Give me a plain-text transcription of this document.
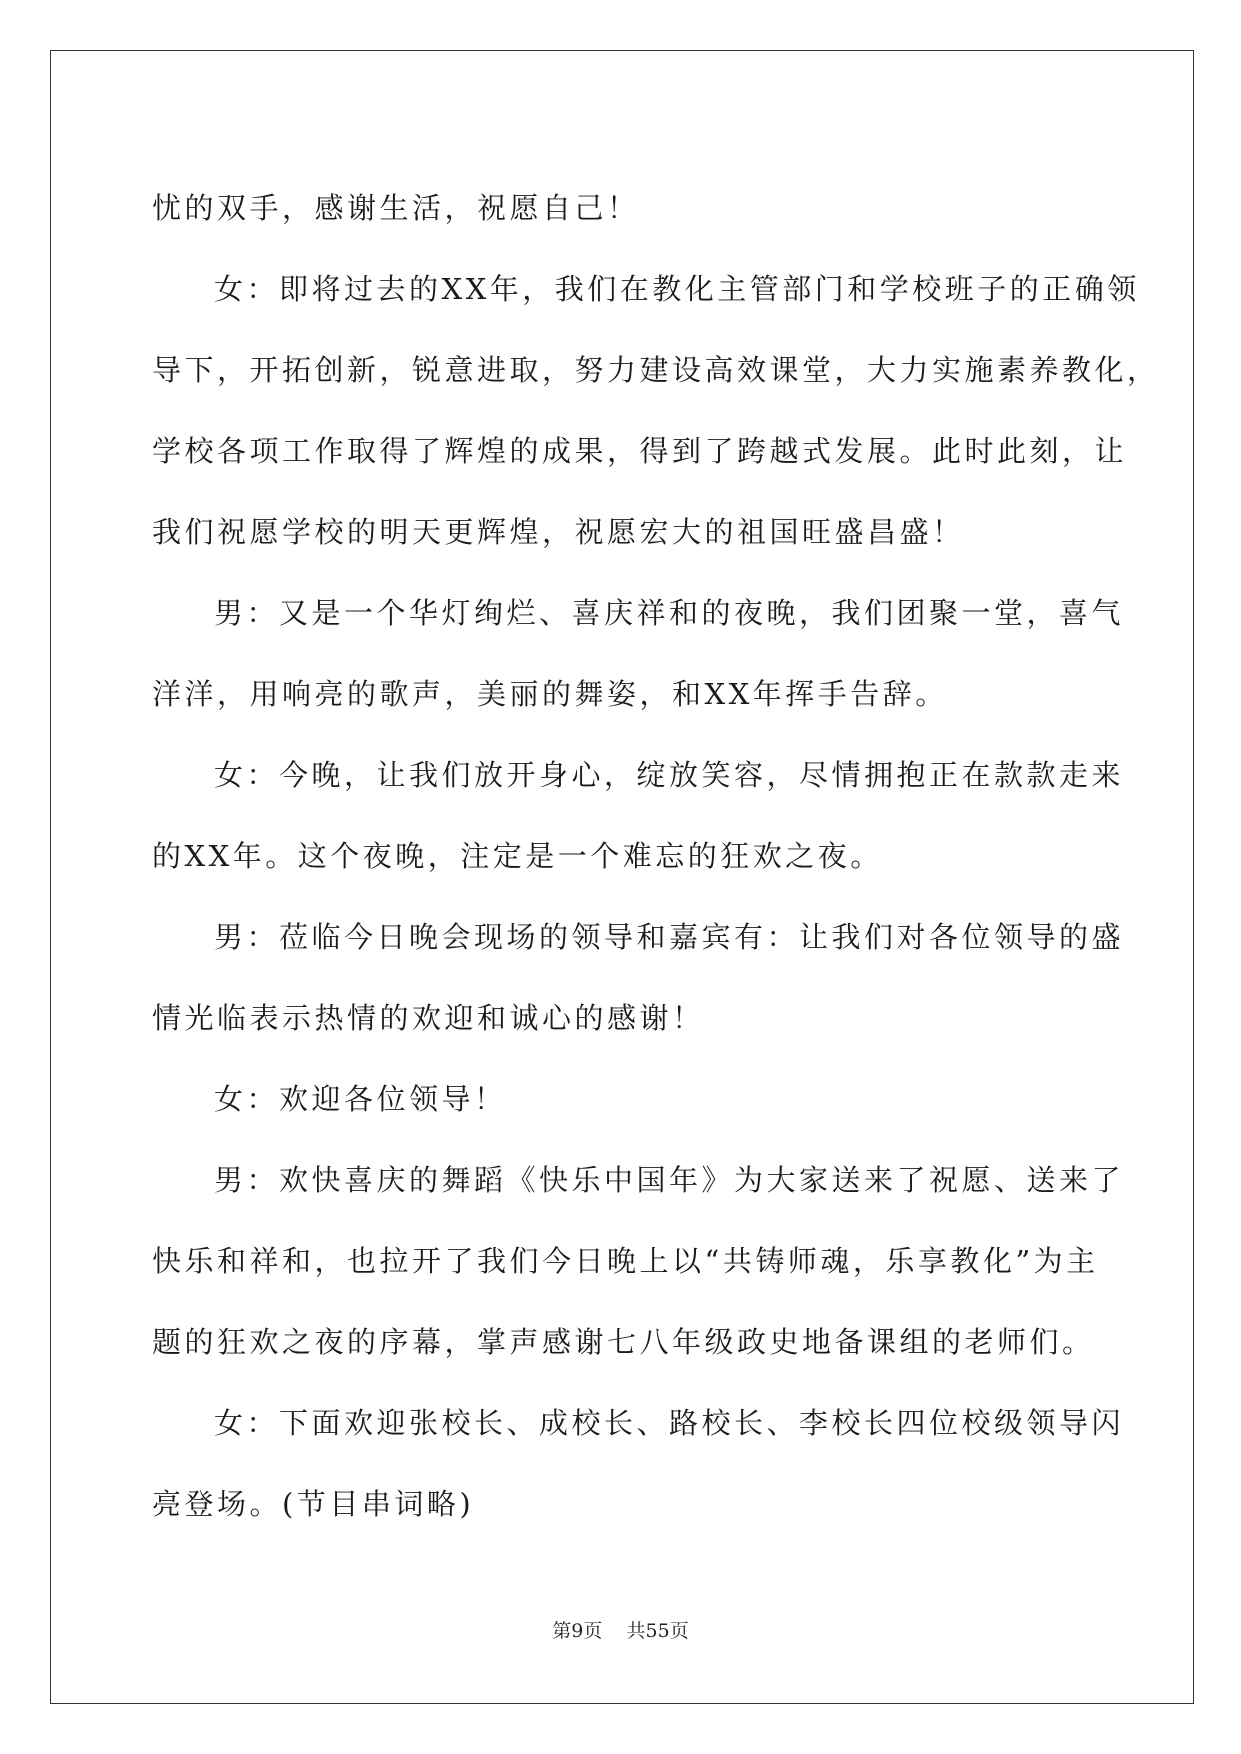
忧的双手，感谢生活，祝愿自己！

女：即将过去的XX年，我们在教化主管部门和学校班子的正确领

导下，开拓创新，锐意进取，努力建设高效课堂，大力实施素养教化，

学校各项工作取得了辉煌的成果，得到了跨越式发展。此时此刻，让

我们祝愿学校的明天更辉煌，祝愿宏大的祖国旺盛昌盛！

男：又是一个华灯绚烂、喜庆祥和的夜晚，我们团聚一堂，喜气

洋洋，用响亮的歌声，美丽的舞姿，和XX年挥手告辞。

女：今晚，让我们放开身心，绽放笑容，尽情拥抱正在款款走来

的XX年。这个夜晚，注定是一个难忘的狂欢之夜。

男：莅临今日晚会现场的领导和嘉宾有：让我们对各位领导的盛

情光临表示热情的欢迎和诚心的感谢！

女：欢迎各位领导！

男：欢快喜庆的舞蹈《快乐中国年》为大家送来了祝愿、送来了

快乐和祥和，也拉开了我们今日晚上以“共铸师魂，乐享教化”为主

题的狂欢之夜的序幕，掌声感谢七八年级政史地备课组的老师们。

女：下面欢迎张校长、成校长、路校长、李校长四位校级领导闪

亮登场。(节目串词略)

第9页 共55页
